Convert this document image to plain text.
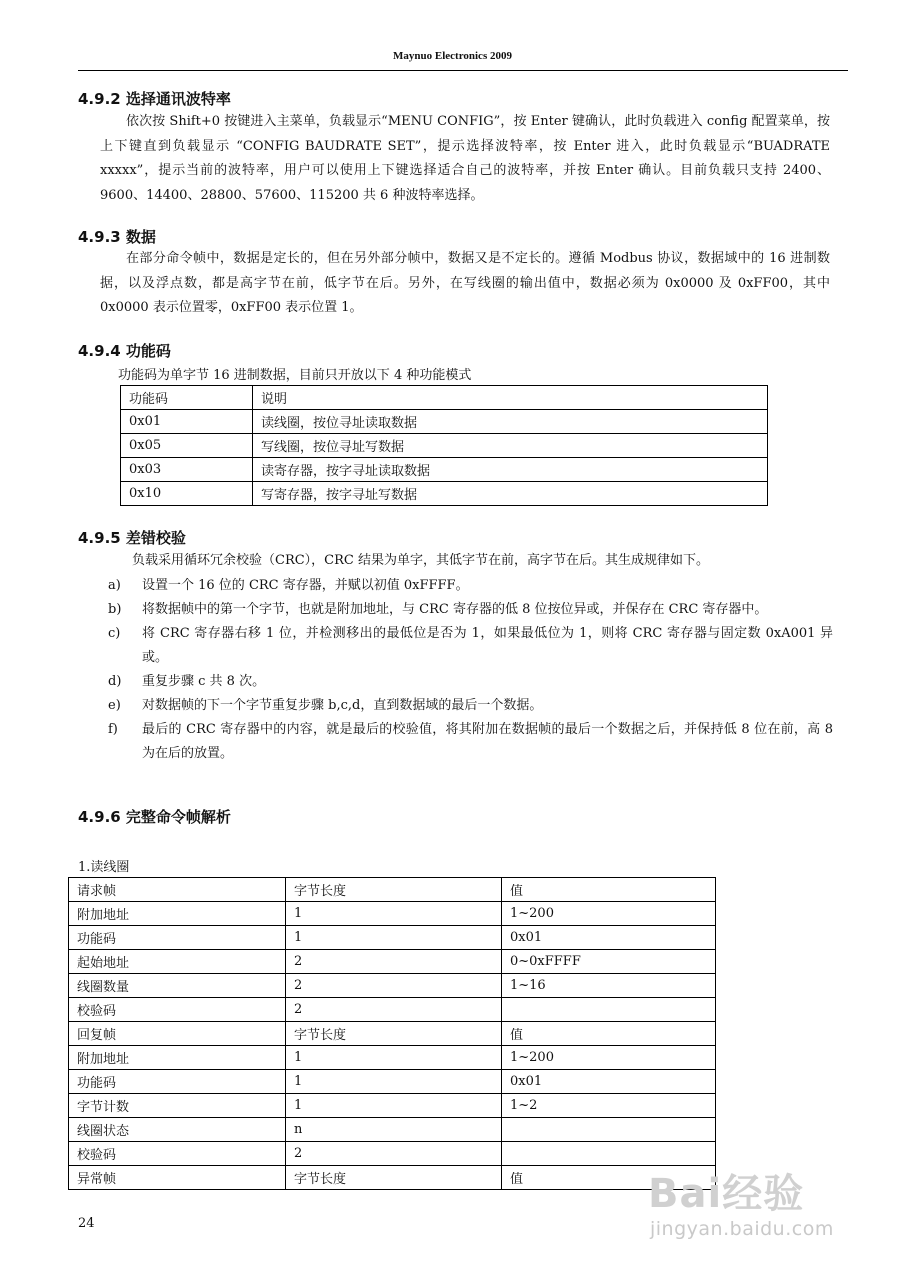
Maynuo Electronics 2009
4.9.2 选择通讯波特率
依次按 Shift+0 按键进入主菜单，负载显示“MENU CONFIG”，按 Enter 键确认，此时负载进入 config 配置菜单，按上下键直到负载显示 “CONFIG BAUDRATE SET”，提示选择波特率，按 Enter 进入，此时负载显示“BUADRATE xxxxx”，提示当前的波特率，用户可以使用上下键选择适合自己的波特率，并按 Enter 确认。目前负载只支持 2400、9600、14400、28800、57600、115200 共 6 种波特率选择。
4.9.3 数据
在部分命令帧中，数据是定长的，但在另外部分帧中，数据又是不定长的。遵循 Modbus 协议，数据域中的 16 进制数据，以及浮点数，都是高字节在前，低字节在后。另外，在写线圈的输出值中，数据必须为 0x0000 及 0xFF00，其中 0x0000 表示位置零，0xFF00 表示位置 1。
4.9.4 功能码
功能码为单字节 16 进制数据，目前只开放以下 4 种功能模式
功能码	说明
0x01	读线圈，按位寻址读取数据
0x05	写线圈，按位寻址写数据
0x03	读寄存器，按字寻址读取数据
0x10	写寄存器，按字寻址写数据
4.9.5 差错校验
负载采用循环冗余校验（CRC），CRC 结果为单字，其低字节在前，高字节在后。其生成规律如下。
a)	设置一个 16 位的 CRC 寄存器，并赋以初值 0xFFFF。
b)	将数据帧中的第一个字节，也就是附加地址，与 CRC 寄存器的低 8 位按位异或，并保存在 CRC 寄存器中。
c)	将 CRC 寄存器右移 1 位，并检测移出的最低位是否为 1，如果最低位为 1，则将 CRC 寄存器与固定数 0xA001 异或。
d)	重复步骤 c 共 8 次。
e)	对数据帧的下一个字节重复步骤 b,c,d，直到数据域的最后一个数据。
f)	最后的 CRC 寄存器中的内容，就是最后的校验值，将其附加在数据帧的最后一个数据之后，并保持低 8 位在前，高 8 为在后的放置。
4.9.6 完整命令帧解析
1.读线圈
请求帧	字节长度	值
附加地址	1	1~200
功能码	1	0x01
起始地址	2	0~0xFFFF
线圈数量	2	1~16
校验码	2	
回复帧	字节长度	值
附加地址	1	1~200
功能码	1	0x01
字节计数	1	1~2
线圈状态	n	
校验码	2	
异常帧	字节长度	值
24
Bai经验
jingyan.baidu.com
